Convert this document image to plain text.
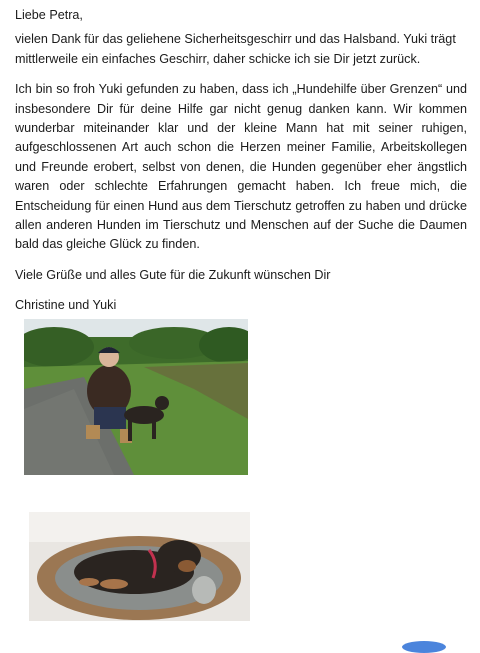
Liebe Petra,

vielen Dank für das geliehene Sicherheitsgeschirr und das Halsband. Yuki trägt mittlerweile ein einfaches Geschirr, daher schicke ich sie Dir jetzt zurück.

Ich bin so froh Yuki gefunden zu haben, dass ich „Hundehilfe über Grenzen“ und insbesondere Dir für deine Hilfe gar nicht genug danken kann. Wir kommen wunderbar miteinander klar und der kleine Mann hat mit seiner ruhigen, aufgeschlossenen Art auch schon die Herzen meiner Familie, Arbeitskollegen und Freunde erobert, selbst von denen, die Hunden gegenüber eher ängstlich waren oder schlechte Erfahrungen gemacht haben. Ich freue mich, die Entscheidung für einen Hund aus dem Tierschutz getroffen zu haben und drücke allen anderen Hunden im Tierschutz und Menschen auf der Suche die Daumen bald das gleiche Glück zu finden.

Viele Grüße und alles Gute für die Zukunft wünschen Dir

Christine und Yuki
